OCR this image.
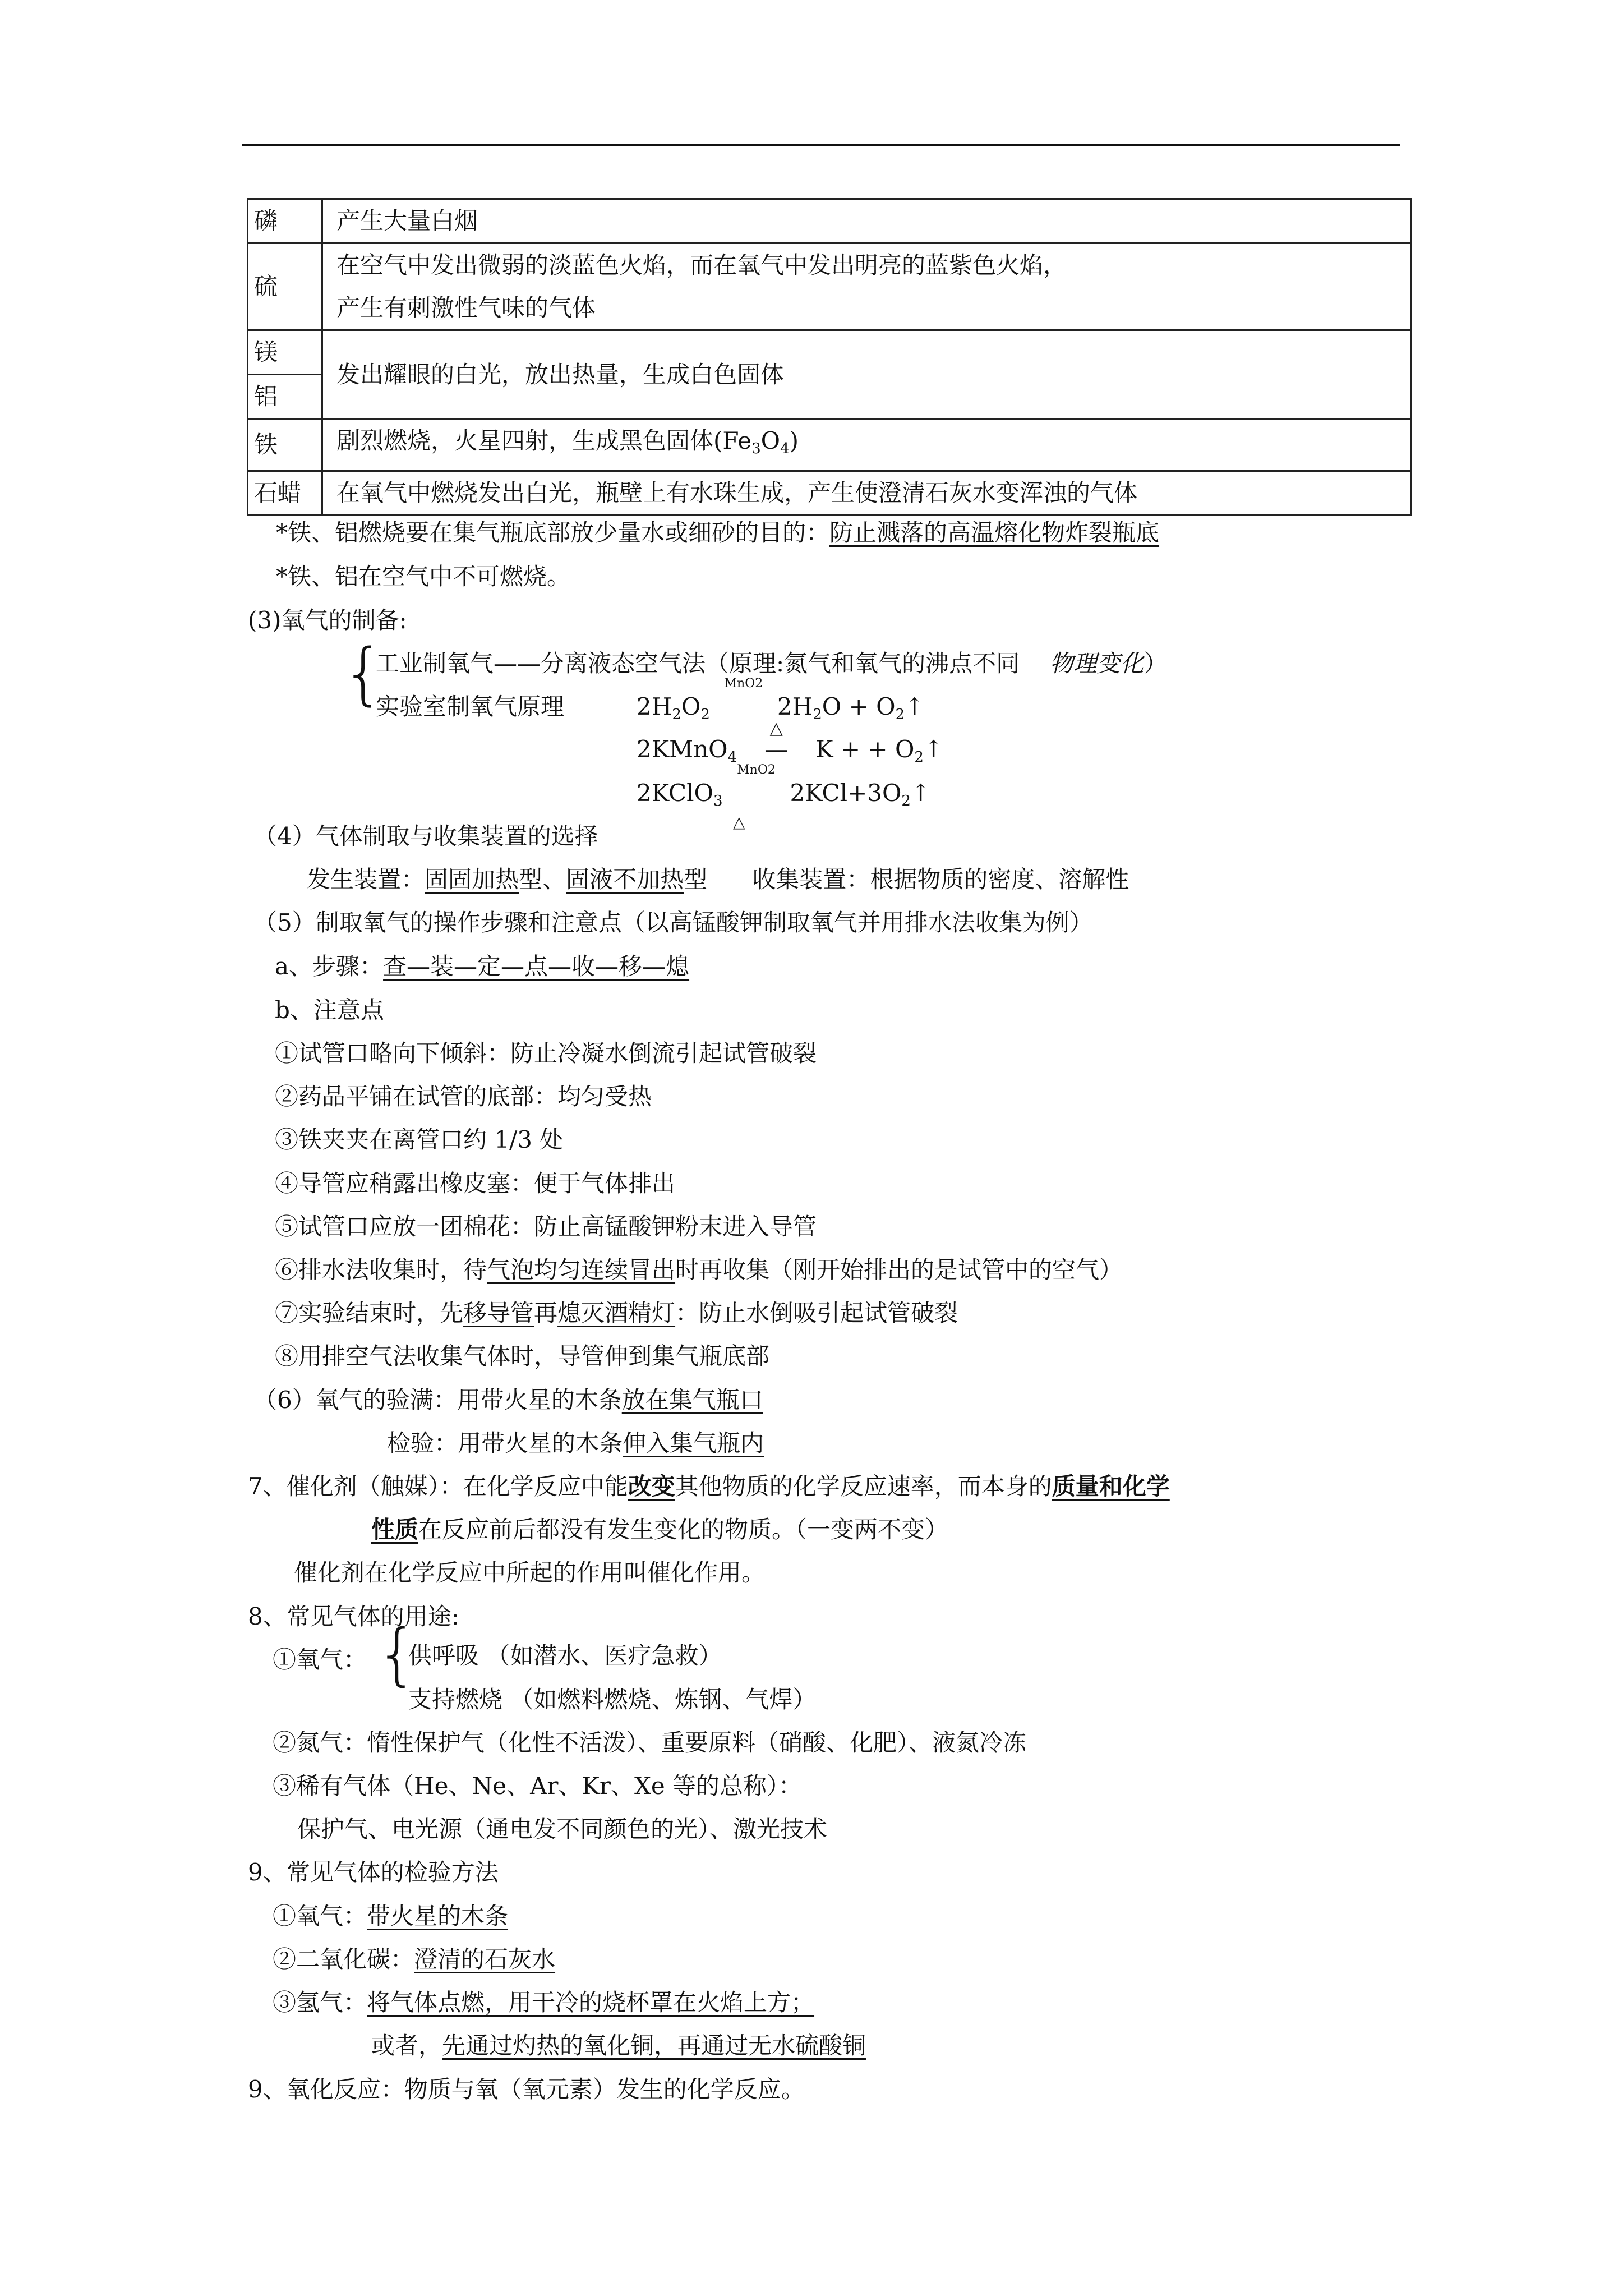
磷	产生大量白烟
硫	在空气中发出微弱的淡蓝色火焰，而在氧气中发出明亮的蓝紫色火焰，
产生有刺激性气味的气体

镁	发出耀眼的白光，放出热量，生成白色固体
铝	
铁	剧烈燃烧，火星四射，生成黑色固体$(Fe_3O_4)$
石蜡	在氧气中燃烧发出白光，瓶壁上有水珠生成，产生使澄清石灰水变浑浊的气体
*铁、铝燃烧要在集气瓶底部放少量水或细砂的目的：防止溅落的高温熔化物炸裂瓶底
*铁、铝在空气中不可燃烧。
(3)氧气的制备:
{
工业制氧气——分离液态空气法（原理:氮气和氧气的沸点不同 物理变化）
实验室制氧气原理	$2H_2O_2$
MnO2
$2H_2O$ + $O_2↑$
2KMnO$_4$
△
— K + + $O_2↑$
2KClO$_3$
MnO2
$2KCl+3O_2↑$
△
（4）气体制取与收集装置的选择
发生装置：固固加热型、固液不加热型 收集装置：根据物质的密度、溶解性
（5）制取氧气的操作步骤和注意点（以高锰酸钾制取氧气并用排水法收集为例）
a、步骤：查—装—定—点—收—移—熄
b、注意点
①试管口略向下倾斜：防止冷凝水倒流引起试管破裂
②药品平铺在试管的底部：均匀受热
③铁夹夹在离管口约 1/3 处
④导管应稍露出橡皮塞：便于气体排出
⑤试管口应放一团棉花：防止高锰酸钾粉末进入导管
⑥排水法收集时，待气泡均匀连续冒出时再收集（刚开始排出的是试管中的空气）
⑦实验结束时，先移导管再熄灭酒精灯：防止水倒吸引起试管破裂
⑧用排空气法收集气体时，导管伸到集气瓶底部
（6）氧气的验满：用带火星的木条放在集气瓶口
检验：用带火星的木条伸入集气瓶内
7、催化剂（触媒）：在化学反应中能改变其他物质的化学反应速率，而本身的质量和化学
性质在反应前后都没有发生变化的物质。（一变两不变）
催化剂在化学反应中所起的作用叫催化作用。
8、常见气体的用途:
①氧气： {
供呼吸 （如潜水、医疗急救）
支持燃烧 （如燃料燃烧、炼钢、气焊）
②氮气：惰性保护气（化性不活泼）、重要原料（硝酸、化肥）、液氮冷冻
③稀有气体（He、Ne、Ar、Kr、Xe 等的总称）：
保护气、电光源（通电发不同颜色的光）、激光技术
9、常见气体的检验方法
①氧气：带火星的木条
②二氧化碳：澄清的石灰水
③氢气：将气体点燃，用干冷的烧杯罩在火焰上方；
或者，先通过灼热的氧化铜，再通过无水硫酸铜
9、氧化反应：物质与氧（氧元素）发生的化学反应。
